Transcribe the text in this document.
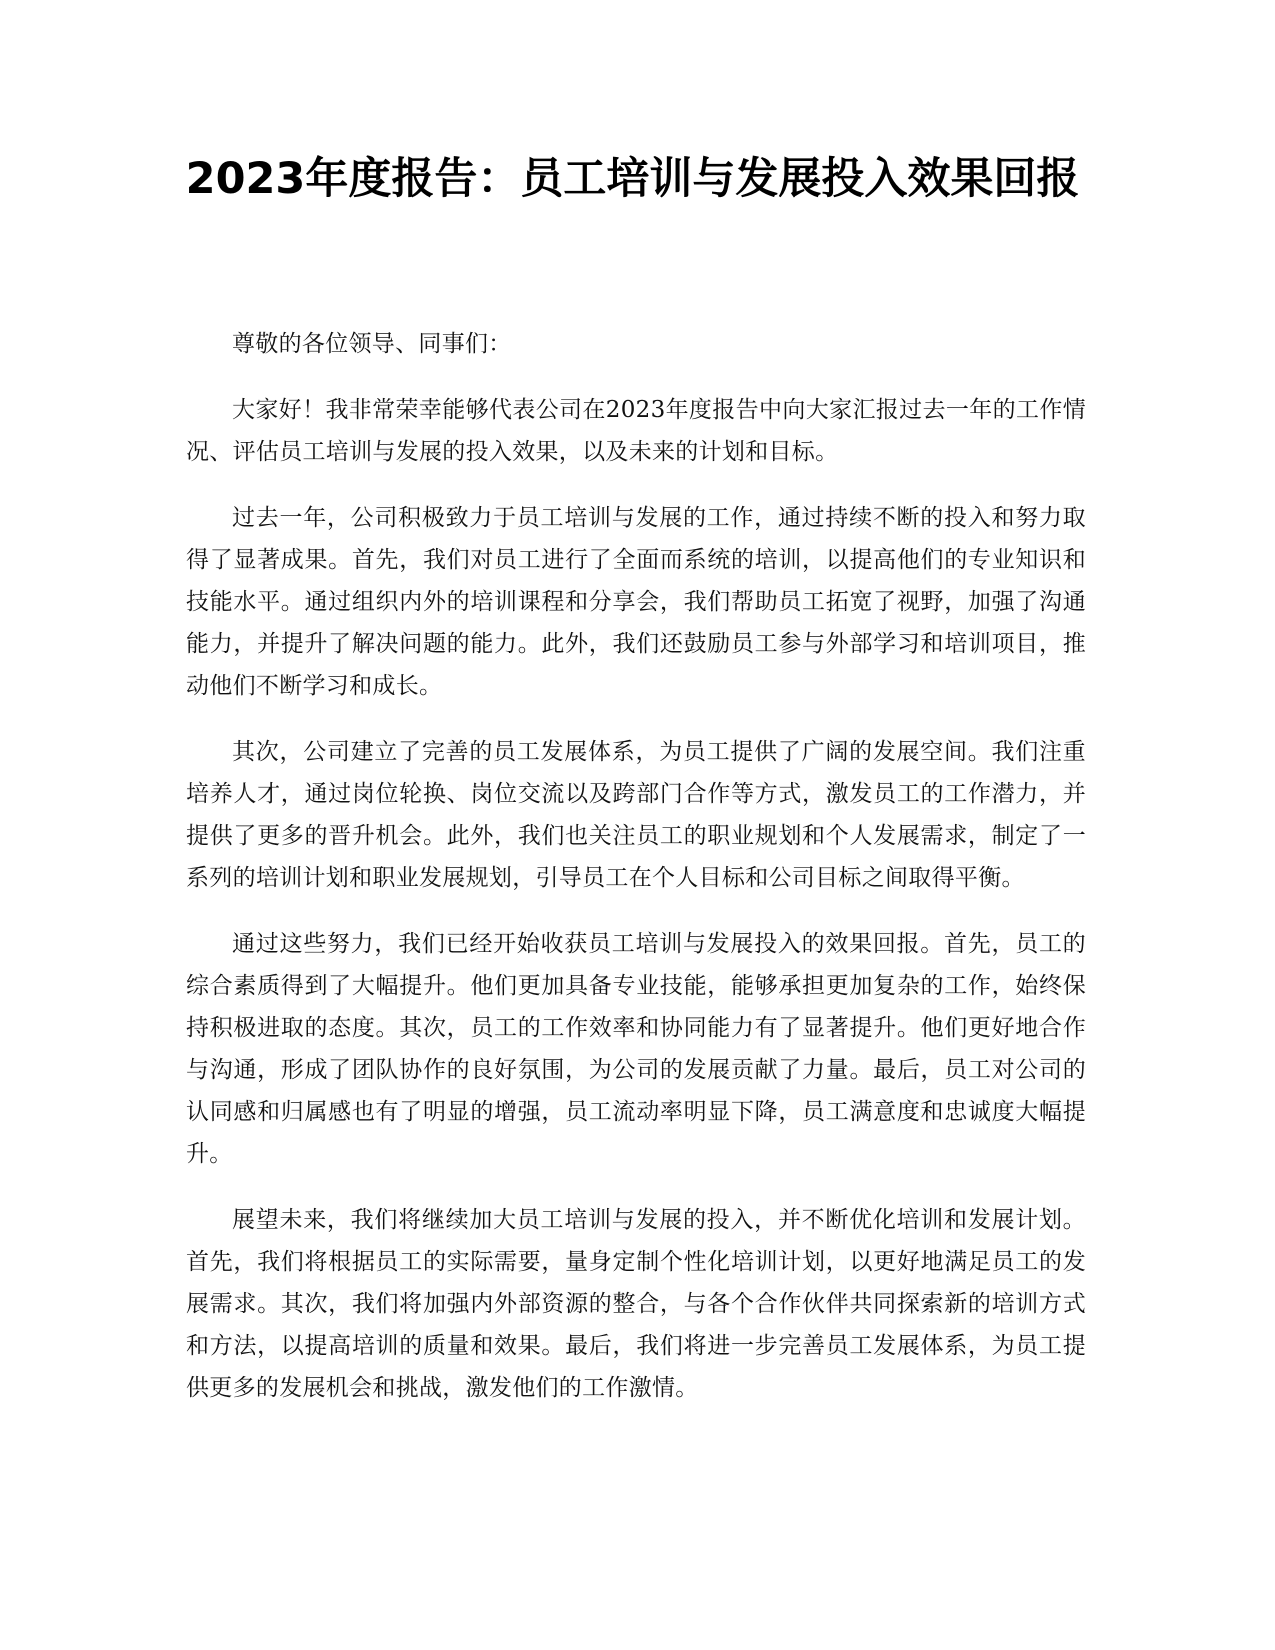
2023年度报告：员工培训与发展投入效果回报

尊敬的各位领导、同事们：

大家好！我非常荣幸能够代表公司在2023年度报告中向大家汇报过去一年的工作情况、评估员工培训与发展的投入效果，以及未来的计划和目标。

过去一年，公司积极致力于员工培训与发展的工作，通过持续不断的投入和努力取得了显著成果。首先，我们对员工进行了全面而系统的培训，以提高他们的专业知识和技能水平。通过组织内外的培训课程和分享会，我们帮助员工拓宽了视野，加强了沟通能力，并提升了解决问题的能力。此外，我们还鼓励员工参与外部学习和培训项目，推动他们不断学习和成长。

其次，公司建立了完善的员工发展体系，为员工提供了广阔的发展空间。我们注重培养人才，通过岗位轮换、岗位交流以及跨部门合作等方式，激发员工的工作潜力，并提供了更多的晋升机会。此外，我们也关注员工的职业规划和个人发展需求，制定了一系列的培训计划和职业发展规划，引导员工在个人目标和公司目标之间取得平衡。

通过这些努力，我们已经开始收获员工培训与发展投入的效果回报。首先，员工的综合素质得到了大幅提升。他们更加具备专业技能，能够承担更加复杂的工作，始终保持积极进取的态度。其次，员工的工作效率和协同能力有了显著提升。他们更好地合作与沟通，形成了团队协作的良好氛围，为公司的发展贡献了力量。最后，员工对公司的认同感和归属感也有了明显的增强，员工流动率明显下降，员工满意度和忠诚度大幅提升。

展望未来，我们将继续加大员工培训与发展的投入，并不断优化培训和发展计划。首先，我们将根据员工的实际需要，量身定制个性化培训计划，以更好地满足员工的发展需求。其次，我们将加强内外部资源的整合，与各个合作伙伴共同探索新的培训方式和方法，以提高培训的质量和效果。最后，我们将进一步完善员工发展体系，为员工提供更多的发展机会和挑战，激发他们的工作激情。
